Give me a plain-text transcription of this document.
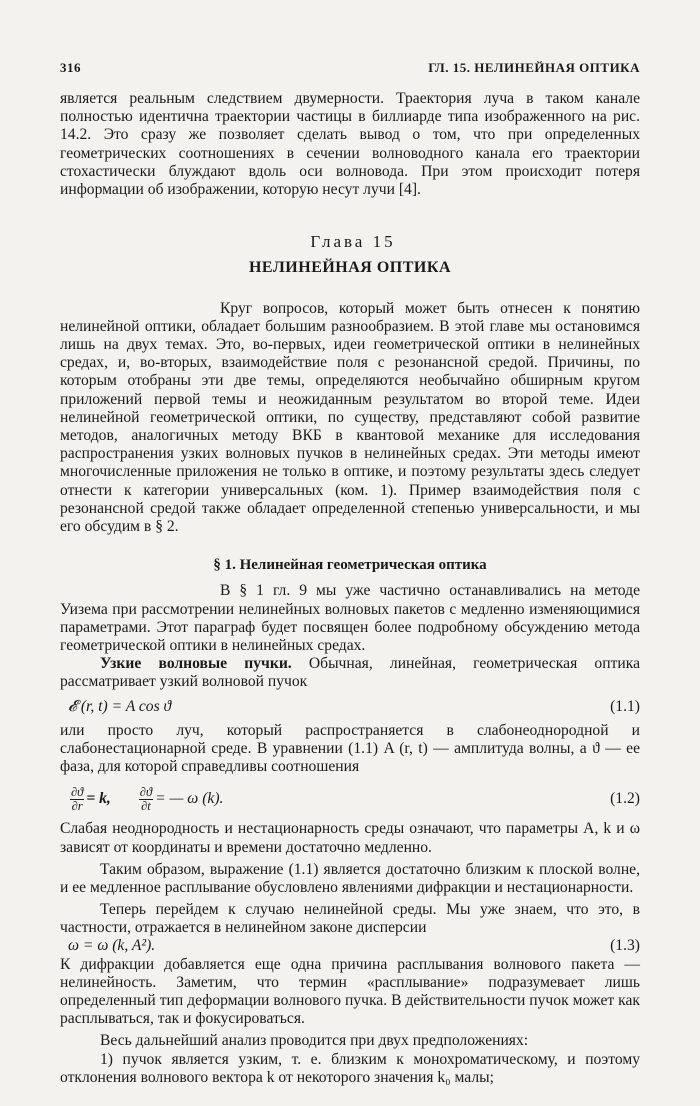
316	ГЛ. 15. НЕЛИНЕЙНАЯ ОПТИКА

является реальным следствием двумерности. Траектория луча в таком канале полностью идентична траектории частицы в биллиарде типа изображенного на рис. 14.2. Это сразу же позволяет сделать вывод о том, что при определенных геометрических соотношениях в сечении волноводного канала его траектории стохастически блуждают вдоль оси волновода. При этом происходит потеря информации об изображении, которую несут лучи [4].

Глава 15
НЕЛИНЕЙНАЯ ОПТИКА

Круг вопросов, который может быть отнесен к понятию нелинейной оптики, обладает большим разнообразием. В этой главе мы остановимся лишь на двух темах. Это, во-первых, идеи геометрической оптики в нелинейных средах, и, во-вторых, взаимодействие поля с резонансной средой. Причины, по которым отобраны эти две темы, определяются необычайно обширным кругом приложений первой темы и неожиданным результатом во второй теме. Идеи нелинейной геометрической оптики, по существу, представляют собой развитие методов, аналогичных методу ВКБ в квантовой механике для исследования распространения узких волновых пучков в нелинейных средах. Эти методы имеют многочисленные приложения не только в оптике, и поэтому результаты здесь следует отнести к категории универсальных (ком. 1). Пример взаимодействия поля с резонансной средой также обладает определенной степенью универсальности, и мы его обсудим в § 2.

§ 1. Нелинейная геометрическая оптика

В § 1 гл. 9 мы уже частично останавливались на методе Уизема при рассмотрении нелинейных волновых пакетов с медленно изменяющимися параметрами. Этот параграф будет посвящен более подробному обсуждению метода геометрической оптики в нелинейных средах.

Узкие волновые пучки. Обычная, линейная, геометрическая оптика рассматривает узкий волновой пучок

𝓔 (r, t) = A cos ϑ	(1.1)

или просто луч, который распространяется в слабонеоднородной и слабонестационарной среде. В уравнении (1.1) A (r, t) — амплитуда волны, а ϑ — ее фаза, для которой справедливы соотношения

$\frac{\partial ϑ}{\partial r} = k$, $\frac{\partial ϑ}{\partial t}$ = — ω (k).	(1.2)

Слабая неоднородность и нестационарность среды означают, что параметры A, k и ω зависят от координаты и времени достаточно медленно.

Таким образом, выражение (1.1) является достаточно близким к плоской волне, и ее медленное расплывание обусловлено явлениями дифракции и нестационарности.

Теперь перейдем к случаю нелинейной среды. Мы уже знаем, что это, в частности, отражается в нелинейном законе дисперсии

ω = ω (k, A²).	(1.3)

К дифракции добавляется еще одна причина расплывания волнового пакета — нелинейность. Заметим, что термин «расплывание» подразумевает лишь определенный тип деформации волнового пучка. В действительности пучок может как расплываться, так и фокусироваться.

Весь дальнейший анализ проводится при двух предположениях:

1) пучок является узким, т. е. близким к монохроматическому, и поэтому отклонения волнового вектора k от некоторого значения k₀ малы;
